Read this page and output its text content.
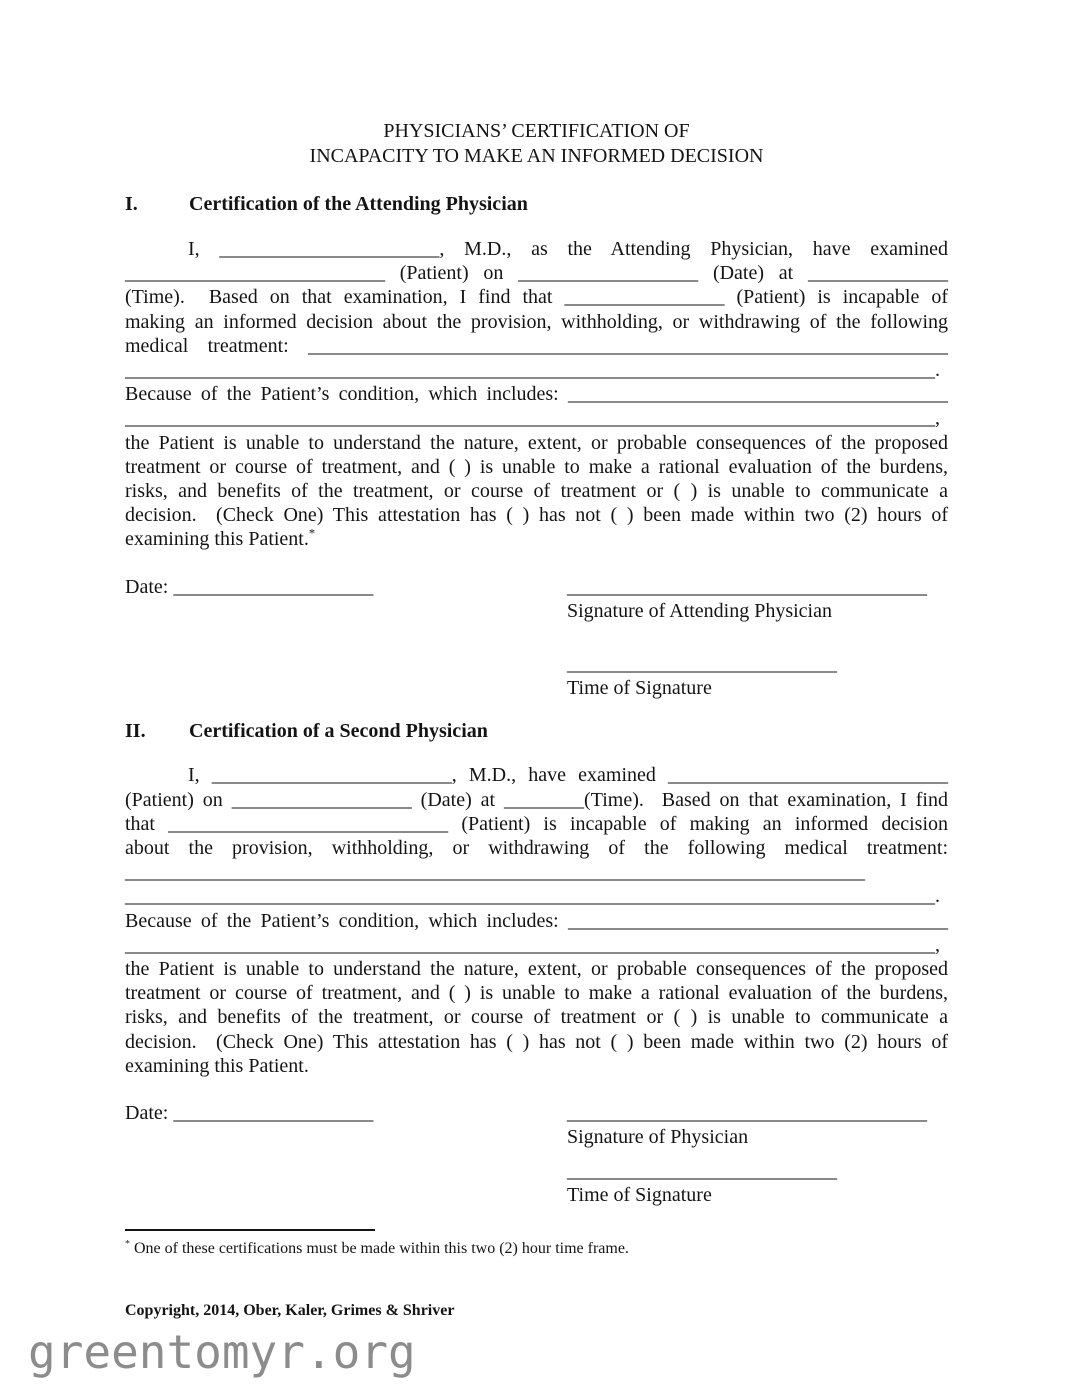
PHYSICIANS’ CERTIFICATION OF
INCAPACITY TO MAKE AN INFORMED DECISION
I.	Certification of the Attending Physician
I, ______________________, M.D., as the Attending Physician, have examined
__________________________ (Patient) on __________________ (Date) at ______________
(Time).  Based on that examination, I find that ________________ (Patient) is incapable of
making an informed decision about the provision, withholding, or withdrawing of the following
medical treatment: ________________________________________________________________
_________________________________________________________________________________.
Because of the Patient’s condition, which includes: ______________________________________
_________________________________________________________________________________,
the Patient is unable to understand the nature, extent, or probable consequences of the proposed
treatment or course of treatment, and ( ) is unable to make a rational evaluation of the burdens,
risks, and benefits of the treatment, or course of treatment or ( ) is unable to communicate a
decision.  (Check One) This attestation has ( ) has not ( ) been made within two (2) hours of
examining this Patient.*
Date: ____________________	____________________________________
Signature of Attending Physician
___________________________
Time of Signature
II. Certification of a Second Physician
I, ________________________, M.D., have examined ____________________________
(Patient) on __________________ (Date) at ________(Time).  Based on that examination, I find
that ____________________________ (Patient) is incapable of making an informed decision
about the provision, withholding, or withdrawing of the following medical treatment:
__________________________________________________________________________
_________________________________________________________________________________.
Because of the Patient’s condition, which includes: ______________________________________
_________________________________________________________________________________,
the Patient is unable to understand the nature, extent, or probable consequences of the proposed
treatment or course of treatment, and ( ) is unable to make a rational evaluation of the burdens,
risks, and benefits of the treatment, or course of treatment or ( ) is unable to communicate a
decision.  (Check One) This attestation has ( ) has not ( ) been made within two (2) hours of
examining this Patient.
Date: ____________________	____________________________________
Signature of Physician
___________________________
Time of Signature
* One of these certifications must be made within this two (2) hour time frame.
Copyright, 2014, Ober, Kaler, Grimes & Shriver
greentomyr.org
